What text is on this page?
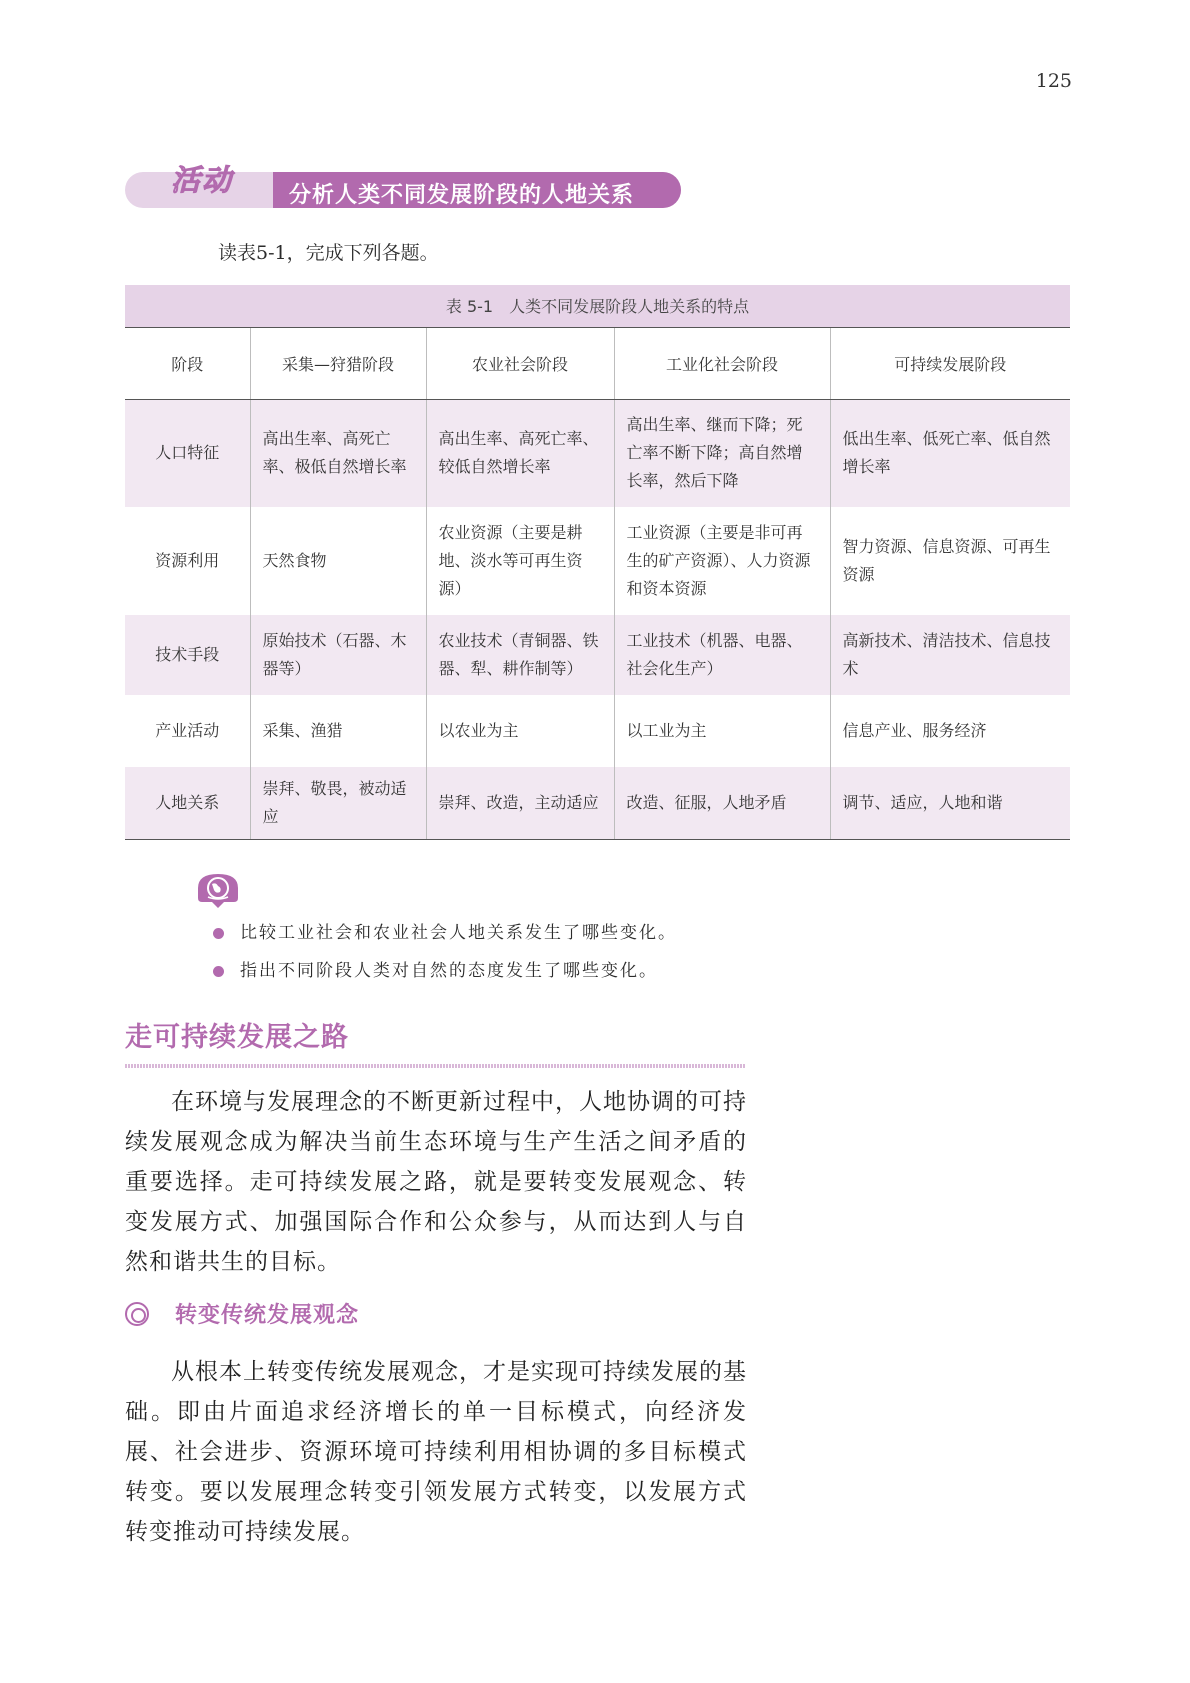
125
活动	分析人类不同发展阶段的人地关系
读表5-1，完成下列各题。
表 5-1　人类不同发展阶段人地关系的特点				
阶段	采集—狩猎阶段	农业社会阶段	工业化社会阶段	可持续发展阶段
人口特征	高出生率、高死亡率、极低自然增长率	高出生率、高死亡率、较低自然增长率	高出生率、继而下降；死亡率不断下降；高自然增长率，然后下降	低出生率、低死亡率、低自然增长率
资源利用	天然食物	农业资源（主要是耕地、淡水等可再生资源）	工业资源（主要是非可再生的矿产资源）、人力资源和资本资源	智力资源、信息资源、可再生资源
技术手段	原始技术（石器、木器等）	农业技术（青铜器、铁器、犁、耕作制等）	工业技术（机器、电器、社会化生产）	高新技术、清洁技术、信息技术
产业活动	采集、渔猎	以农业为主	以工业为主	信息产业、服务经济
人地关系	崇拜、敬畏，被动适应	崇拜、改造，主动适应	改造、征服，人地矛盾	调节、适应，人地和谐
比较工业社会和农业社会人地关系发生了哪些变化。
指出不同阶段人类对自然的态度发生了哪些变化。
走可持续发展之路

在环境与发展理念的不断更新过程中，人地协调的可持续发展观念成为解决当前生态环境与生产生活之间矛盾的重要选择。走可持续发展之路，就是要转变发展观念、转变发展方式、加强国际合作和公众参与，从而达到人与自然和谐共生的目标。

转变传统发展观念

从根本上转变传统发展观念，才是实现可持续发展的基础。即由片面追求经济增长的单一目标模式，向经济发展、社会进步、资源环境可持续利用相协调的多目标模式转变。要以发展理念转变引领发展方式转变，以发展方式转变推动可持续发展。
